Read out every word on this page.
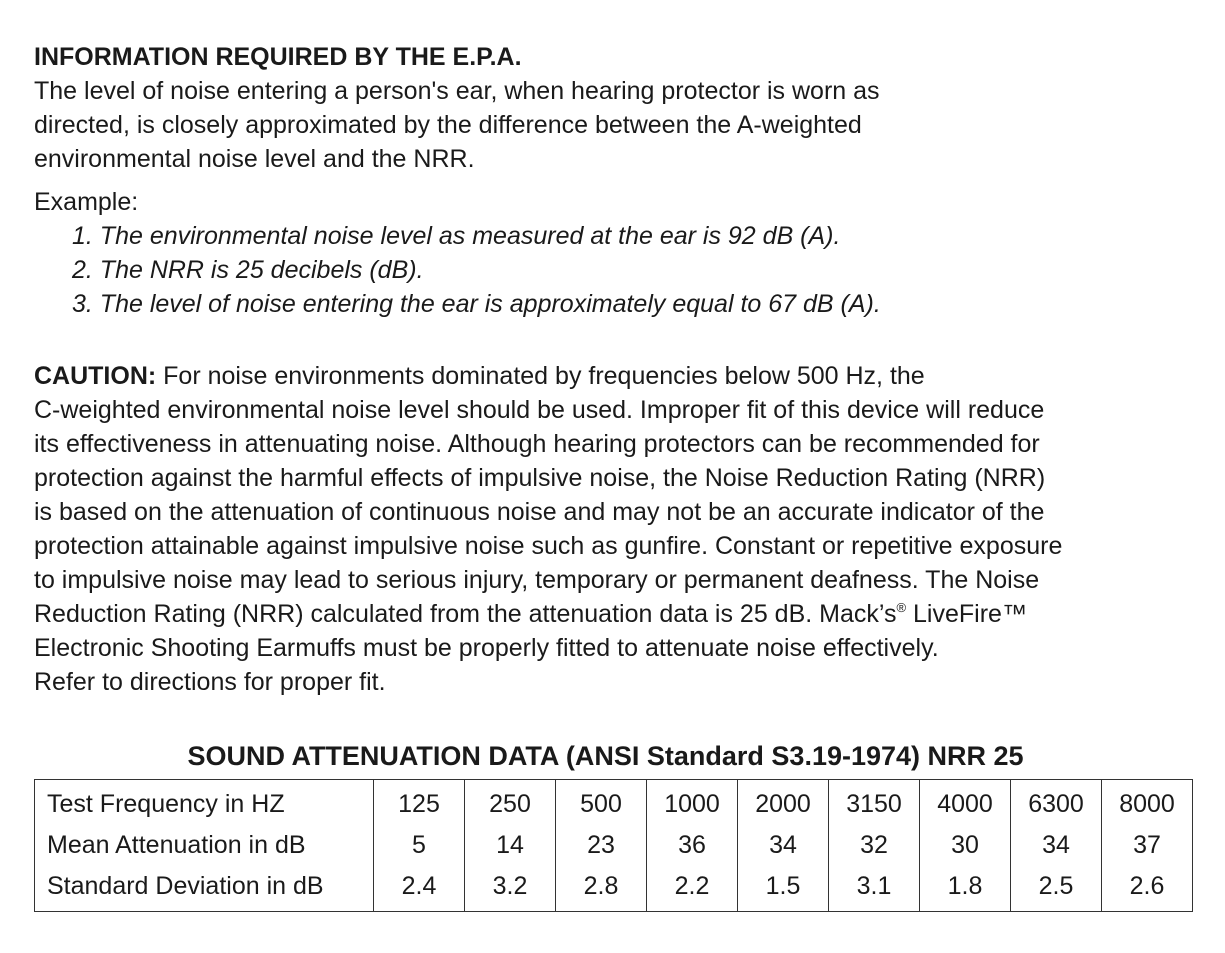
INFORMATION REQUIRED BY THE E.P.A.

The level of noise entering a person's ear, when hearing protector is worn as

directed, is closely approximated by the difference between the A-weighted

environmental noise level and the NRR.

Example:

1. The environmental noise level as measured at the ear is 92 dB (A).
2. The NRR is 25 decibels (dB).
3. The level of noise entering the ear is approximately equal to 67 dB (A).
CAUTION: For noise environments dominated by frequencies below 500 Hz, the
C-weighted environmental noise level should be used. Improper fit of this device will reduce
its effectiveness in attenuating noise. Although hearing protectors can be recommended for
protection against the harmful effects of impulsive noise, the Noise Reduction Rating (NRR)
is based on the attenuation of continuous noise and may not be an accurate indicator of the
protection attainable against impulsive noise such as gunfire. Constant or repetitive exposure
to impulsive noise may lead to serious injury, temporary or permanent deafness. The Noise
Reduction Rating (NRR) calculated from the attenuation data is 25 dB. Mack’s® LiveFire™
Electronic Shooting Earmuffs must be properly fitted to attenuate noise effectively.
Refer to directions for proper fit.

SOUND ATTENUATION DATA (ANSI Standard S3.19-1974) NRR 25

Test Frequency in HZ	125	250	500	1000	2000	3150	4000	6300	8000
Mean Attenuation in dB	5	14	23	36	34	32	30	34	37
Standard Deviation in dB	2.4	3.2	2.8	2.2	1.5	3.1	1.8	2.5	2.6
